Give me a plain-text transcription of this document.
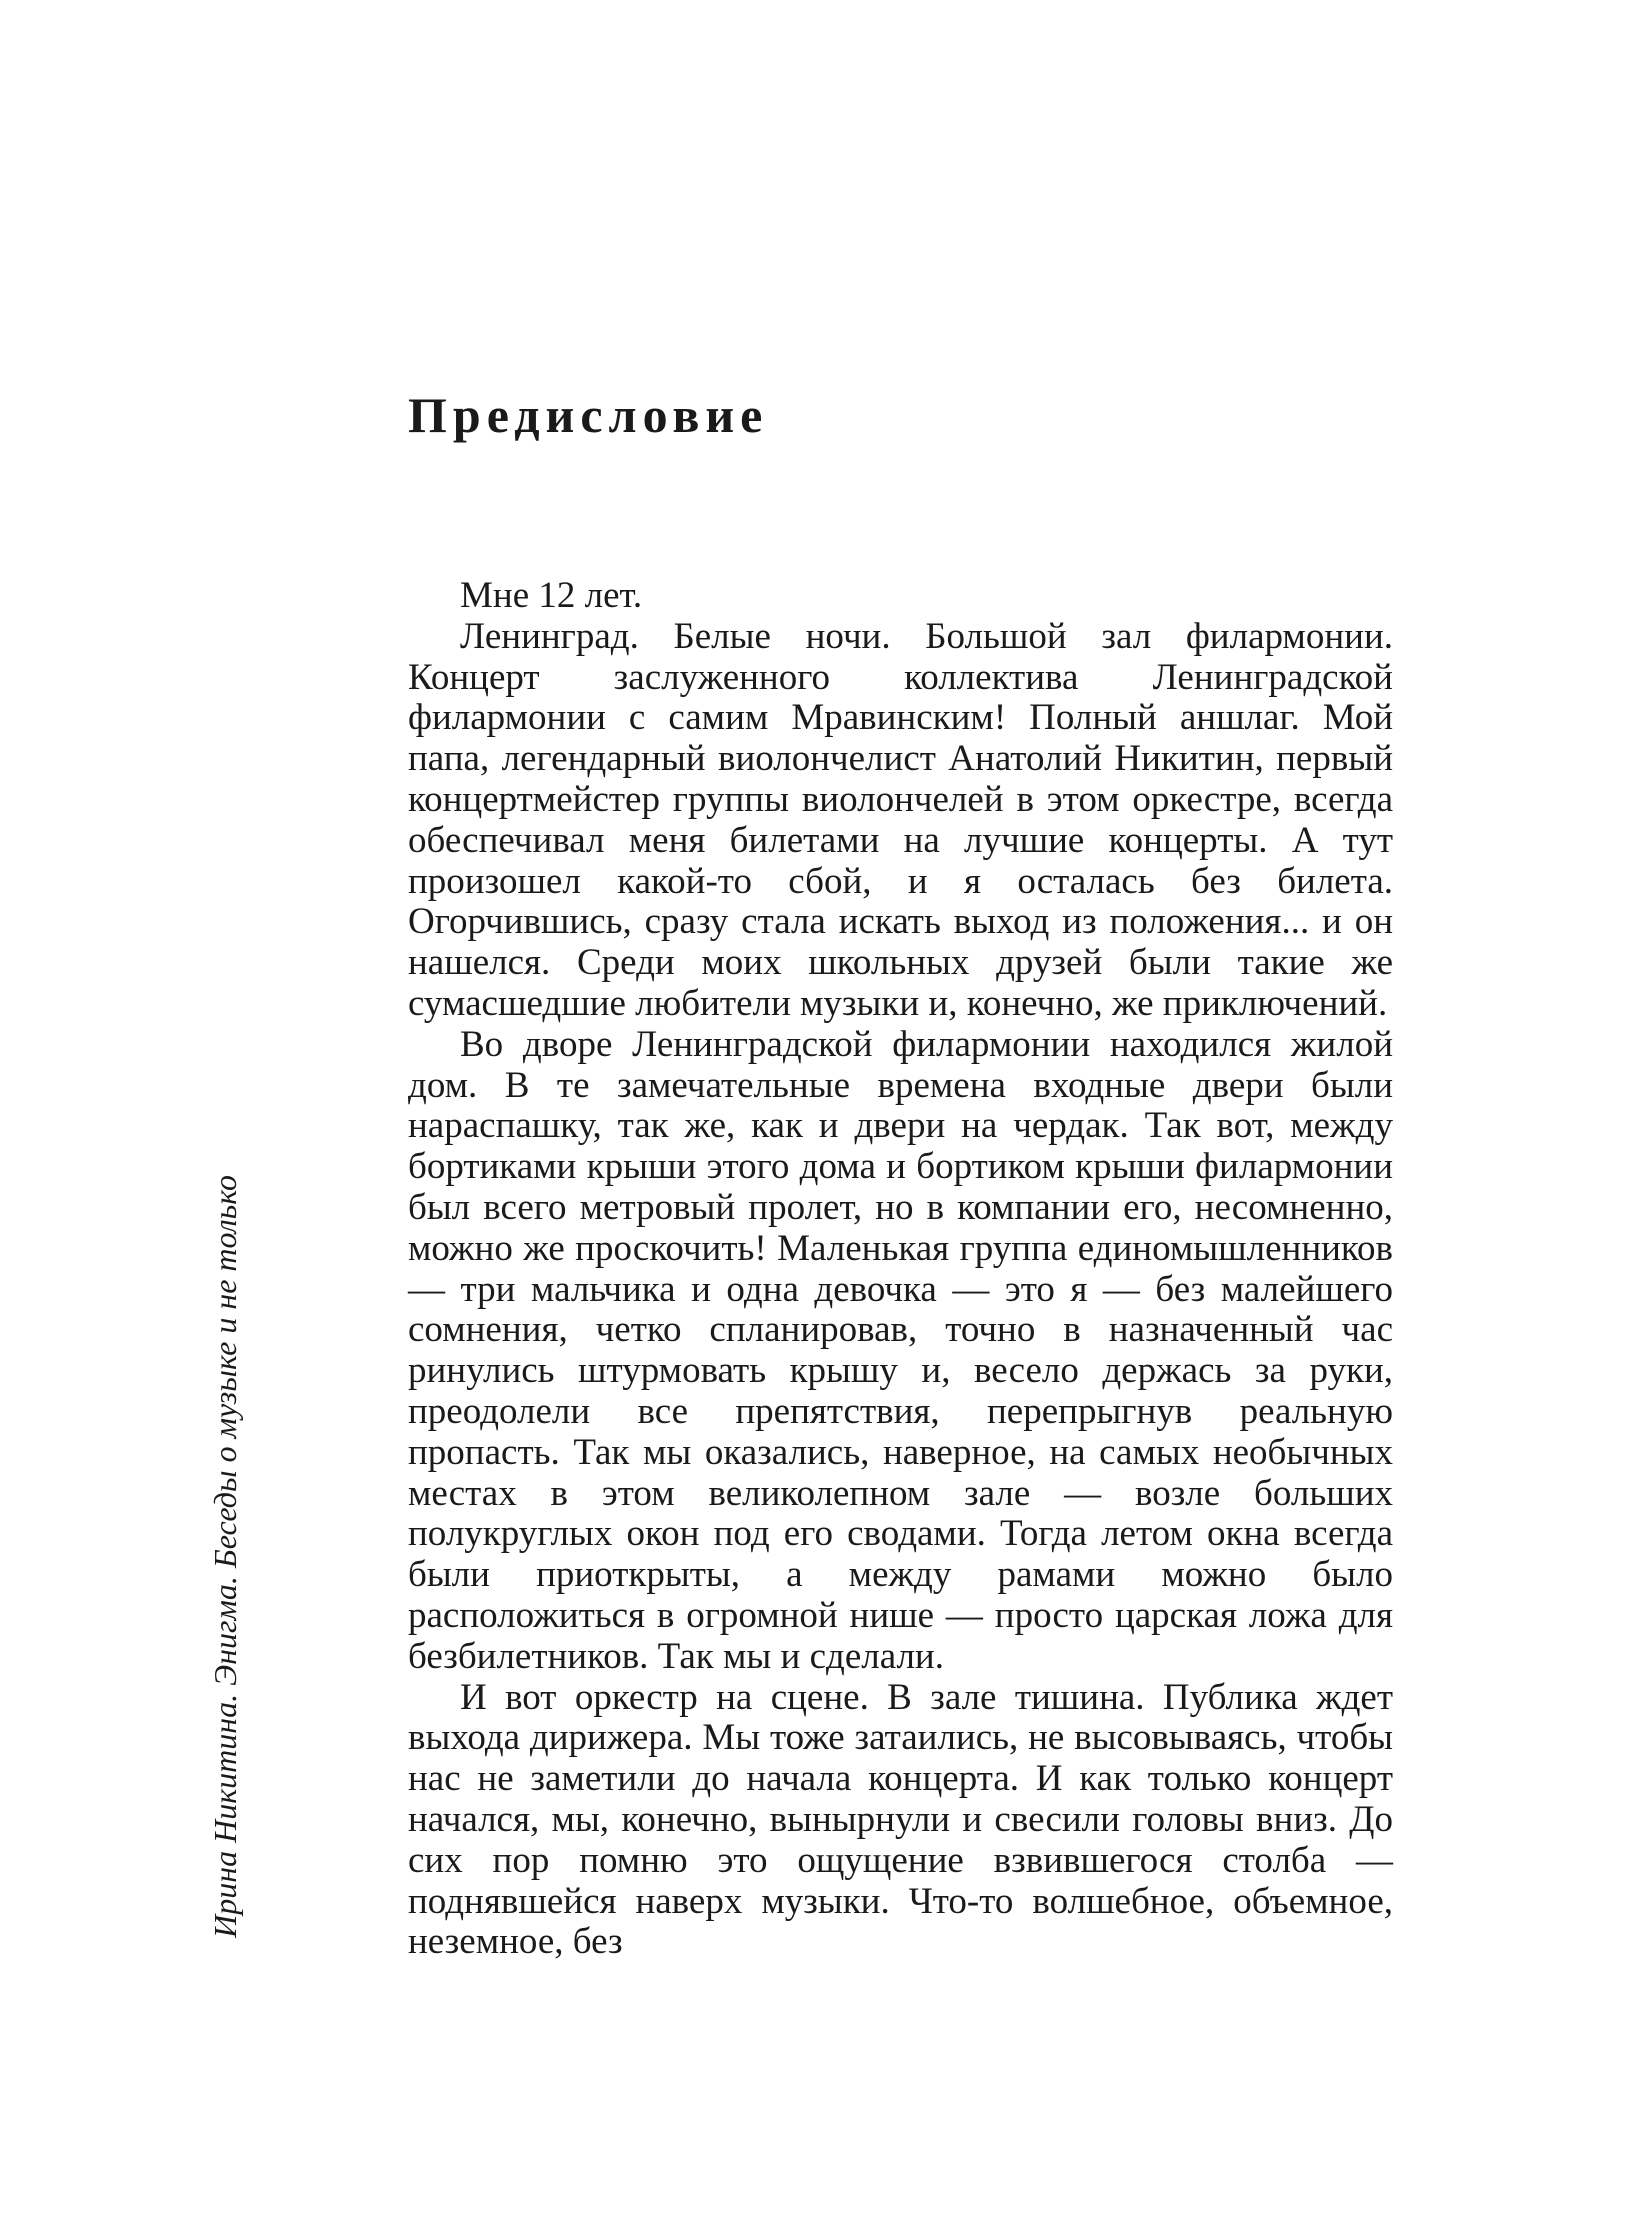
Предисловие

Мне 12 лет.

Ленинград. Белые ночи. Большой зал филармонии. Концерт заслуженного коллектива Ленинградской филармонии с самим Мравинским! Полный аншлаг. Мой папа, легендарный виолончелист Анатолий Никитин, первый концертмейстер группы виолончелей в этом оркестре, всегда обеспечивал меня билетами на лучшие концерты. А тут произошел какой-то сбой, и я осталась без билета. Огорчившись, сразу стала искать выход из положения... и он нашелся. Среди моих школьных друзей были такие же сумасшедшие любители музыки и, конечно, же приключений.

Во дворе Ленинградской филармонии находился жилой дом. В те замечательные времена входные двери были нараспашку, так же, как и двери на чердак. Так вот, между бортиками крыши этого дома и бортиком крыши филармонии был всего метровый пролет, но в компании его, несомненно, можно же проскочить! Маленькая группа единомышленников — три мальчика и одна девочка — это я — без малейшего сомнения, четко спланировав, точно в назначенный час ринулись штурмовать крышу и, весело держась за руки, преодолели все препятствия, перепрыгнув реальную пропасть. Так мы оказались, наверное, на самых необычных местах в этом великолепном зале — возле больших полукруглых окон под его сводами. Тогда летом окна всегда были приоткрыты, а между рамами можно было расположиться в огромной нише — просто царская ложа для безбилетников. Так мы и сделали.

И вот оркестр на сцене. В зале тишина. Публика ждет выхода дирижера. Мы тоже затаились, не высовываясь, чтобы нас не заметили до начала концерта. И как только концерт начался, мы, конечно, вынырнули и свесили головы вниз. До сих пор помню это ощущение взвившегося столба — поднявшейся наверх музыки. Что-то волшебное, объемное, неземное, без

Ирина Никитина. Энигма. Беседы о музыке и не только
